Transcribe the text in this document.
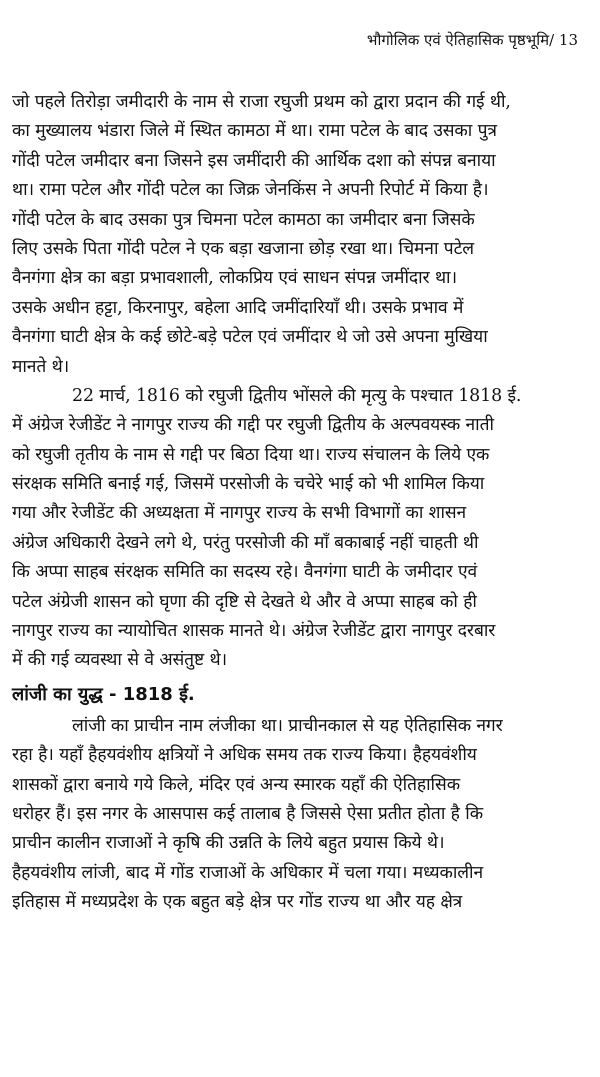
भौगोलिक एवं ऐतिहासिक पृष्ठभूमि/ 13
जो पहले तिरोड़ा जमीदारी के नाम से राजा रघुजी प्रथम को द्वारा प्रदान की गई थी,
का मुख्यालय भंडारा जिले में स्थित कामठा में था। रामा पटेल के बाद उसका पुत्र
गोंदी पटेल जमीदार बना जिसने इस जमींदारी की आर्थिक दशा को संपन्न बनाया
था। रामा पटेल और गोंदी पटेल का जिक्र जेनकिंस ने अपनी रिपोर्ट में किया है।
गोंदी पटेल के बाद उसका पुत्र चिमना पटेल कामठा का जमीदार बना जिसके
लिए उसके पिता गोंदी पटेल ने एक बड़ा खजाना छोड़ रखा था। चिमना पटेल
वैनगंगा क्षेत्र का बड़ा प्रभावशाली, लोकप्रिय एवं साधन संपन्न जमींदार था।
उसके अधीन हट्टा, किरनापुर, बहेला आदि जमींदारियाँ थी। उसके प्रभाव में
वैनगंगा घाटी क्षेत्र के कई छोटे-बड़े पटेल एवं जमींदार थे जो उसे अपना मुखिया
मानते थे।
22 मार्च, 1816 को रघुजी द्वितीय भोंसले की मृत्यु के पश्चात 1818 ई.
में अंग्रेज रेजीडेंट ने नागपुर राज्य की गद्दी पर रघुजी द्वितीय के अल्पवयस्क नाती
को रघुजी तृतीय के नाम से गद्दी पर बिठा दिया था। राज्य संचालन के लिये एक
संरक्षक समिति बनाई गई, जिसमें परसोजी के चचेरे भाई को भी शामिल किया
गया और रेजीडेंट की अध्यक्षता में नागपुर राज्य के सभी विभागों का शासन
अंग्रेज अधिकारी देखने लगे थे, परंतु परसोजी की माँ बकाबाई नहीं चाहती थी
कि अप्पा साहब संरक्षक समिति का सदस्य रहे। वैनगंगा घाटी के जमीदार एवं
पटेल अंग्रेजी शासन को घृणा की दृष्टि से देखते थे और वे अप्पा साहब को ही
नागपुर राज्य का न्यायोचित शासक मानते थे। अंग्रेज रेजीडेंट द्वारा नागपुर दरबार
में की गई व्यवस्था से वे असंतुष्ट थे।
लांजी का युद्ध - 1818 ई.
लांजी का प्राचीन नाम लंजीका था। प्राचीनकाल से यह ऐतिहासिक नगर
रहा है। यहाँ हैहयवंशीय क्षत्रियों ने अधिक समय तक राज्य किया। हैहयवंशीय
शासकों द्वारा बनाये गये किले, मंदिर एवं अन्य स्मारक यहाँ की ऐतिहासिक
धरोहर हैं। इस नगर के आसपास कई तालाब है जिससे ऐसा प्रतीत होता है कि
प्राचीन कालीन राजाओं ने कृषि की उन्नति के लिये बहुत प्रयास किये थे।
हैहयवंशीय लांजी, बाद में गोंड राजाओं के अधिकार में चला गया। मध्यकालीन
इतिहास में मध्यप्रदेश के एक बहुत बड़े क्षेत्र पर गोंड राज्य था और यह क्षेत्र
